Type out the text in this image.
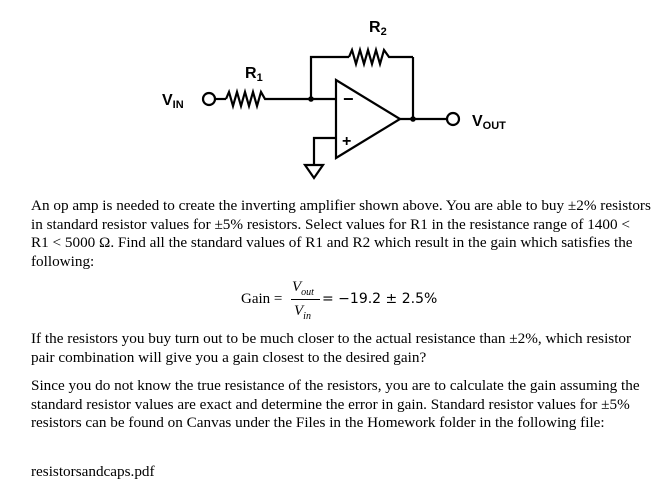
−
+
VIN
VOUT
R1
R2
An op amp is needed to create the inverting amplifier shown above. You are able to buy ±2% resistors in standard resistor values for ±5% resistors. Select values for R1 in the resistance range of 1400 < R1 < 5000 Ω. Find all the standard values of R1 and R2 which result in the gain which satisfies the following:
Gain =
$V_{out}$
$V_{in}$
= −19.2 ± 2.5%
If the resistors you buy turn out to be much closer to the actual resistance than ±2%, which resistor pair combination will give you a gain closest to the desired gain?
Since you do not know the true resistance of the resistors, you are to calculate the gain assuming the standard resistor values are exact and determine the error in gain. Standard resistor values for ±5% resistors can be found on Canvas under the Files in the Homework folder in the following file:
resistorsandcaps.pdf
